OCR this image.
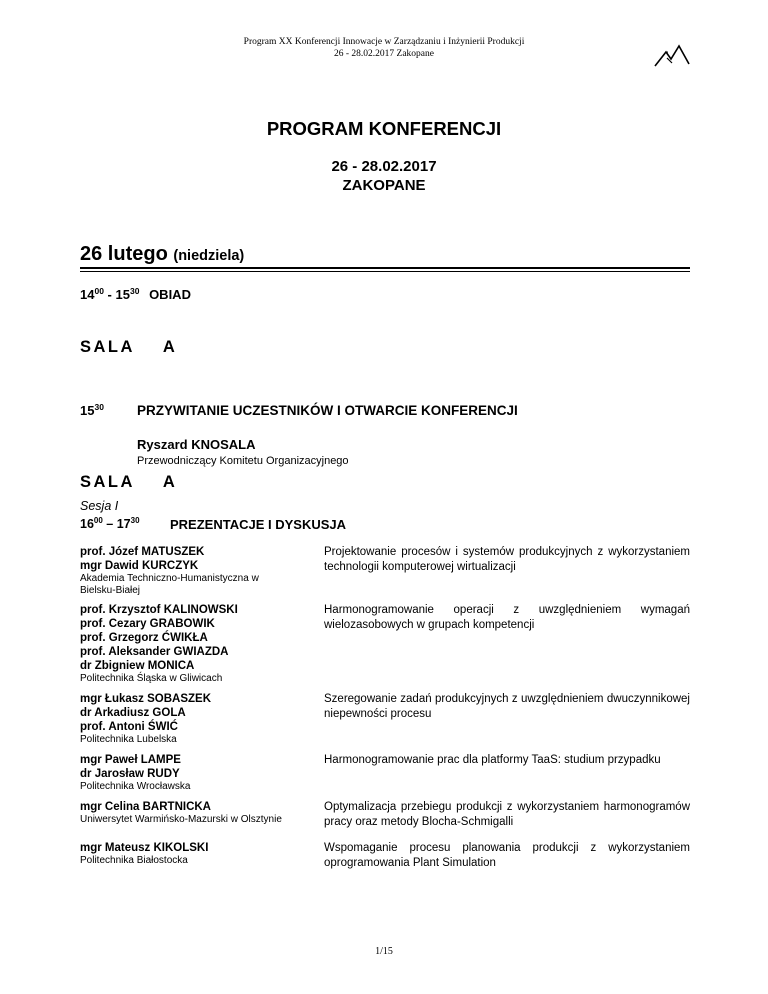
Program XX Konferencji Innowacje w Zarządzaniu i Inżynierii Produkcji
26 - 28.02.2017 Zakopane
PROGRAM KONFERENCJI
26 - 28.02.2017
ZAKOPANE
26 lutego (niedziela)
$14^{00} - 15^{30}$ OBIAD
SALA A
$15^{30}$ PRZYWITANIE UCZESTNIKÓW I OTWARCIE KONFERENCJI
Ryszard KNOSALA
Przewodniczący Komitetu Organizacyjnego
SALA A
Sesja I
$16^{00} - 17^{30}$ PREZENTACJE I DYSKUSJA
prof. Józef MATUSZEK
mgr Dawid KURCZYK
Akademia Techniczno-Humanistyczna w Bielsku-Białej
Projektowanie procesów i systemów produkcyjnych z wykorzystaniem technologii komputerowej wirtualizacji
prof. Krzysztof KALINOWSKI
prof. Cezary GRABOWIK
prof. Grzegorz ĆWIKŁA
prof. Aleksander GWIAZDA
dr Zbigniew MONICA
Politechnika Śląska w Gliwicach
Harmonogramowanie operacji z uwzględnieniem wymagań wielozasobowych w grupach kompetencji
mgr Łukasz SOBASZEK
dr Arkadiusz GOLA
prof. Antoni ŚWIĆ
Politechnika Lubelska
Szeregowanie zadań produkcyjnych z uwzględnieniem dwuczynnikowej niepewności procesu
mgr Paweł LAMPE
dr Jarosław RUDY
Politechnika Wrocławska
Harmonogramowanie prac dla platformy TaaS: studium przypadku
mgr Celina BARTNICKA
Uniwersytet Warmińsko-Mazurski w Olsztynie
Optymalizacja przebiegu produkcji z wykorzystaniem harmonogramów pracy oraz metody Blocha-Schmigalli
mgr Mateusz KIKOLSKI
Politechnika Białostocka
Wspomaganie procesu planowania produkcji z wykorzystaniem oprogramowania Plant Simulation
1/15
